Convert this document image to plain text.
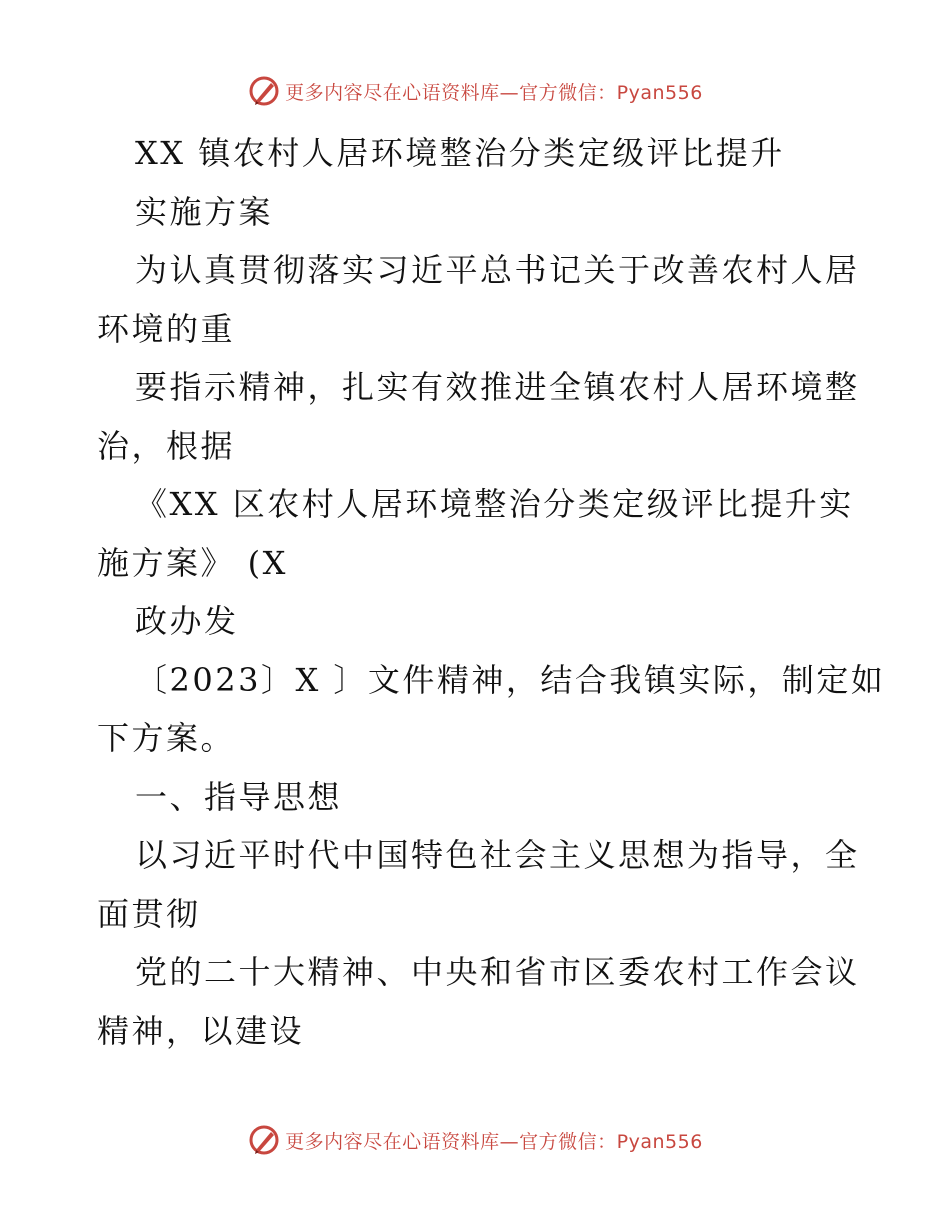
更多内容尽在心语资料库—官方微信：Pyan556
XX 镇农村人居环境整治分类定级评比提升
实施方案
为认真贯彻落实习近平总书记关于改善农村人居
环境的重
要指示精神，扎实有效推进全镇农村人居环境整
治，根据
《XX 区农村人居环境整治分类定级评比提升实
施方案》 (X
政办发
〔2023〕X 〕文件精神，结合我镇实际，制定如
下方案。
一、指导思想
以习近平时代中国特色社会主义思想为指导，全
面贯彻
党的二十大精神、中央和省市区委农村工作会议
精神，以建设
更多内容尽在心语资料库—官方微信：Pyan556
